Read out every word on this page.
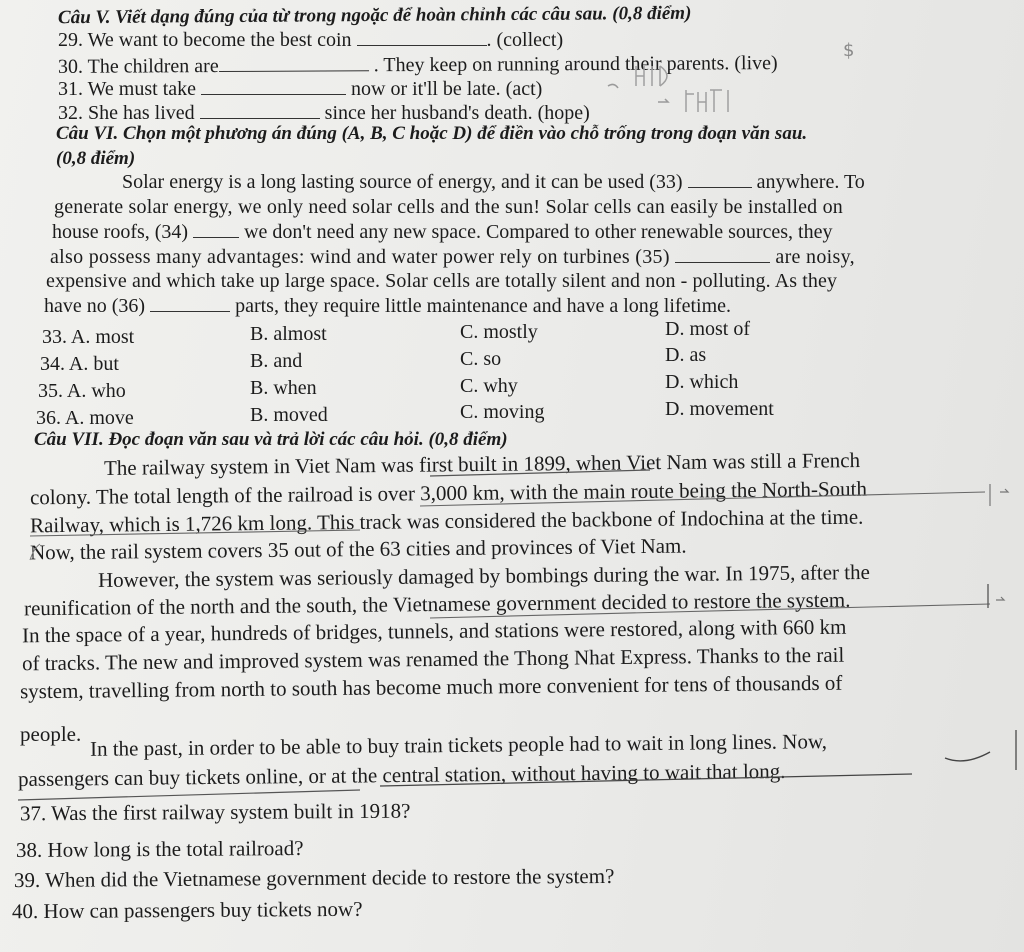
Câu V. Viết dạng đúng của từ trong ngoặc để hoàn chỉnh các câu sau. (0,8 điểm)
29. We want to become the best coin	. (collect)
30. The children are	. They keep on running around their parents. (live)
31. We must take	now or it'll be late. (act)
32. She has lived	since her husband's death. (hope)
$
Câu VI. Chọn một phương án đúng (A, B, C hoặc D) để điền vào chỗ trống trong đoạn văn sau.
(0,8 điểm)
Solar energy is a long lasting source of energy, and it can be used (33)	anywhere. To
generate solar energy, we only need solar cells and the sun! Solar cells can easily be installed on
house roofs, (34)	we don't need any new space. Compared to other renewable sources, they
also possess many advantages: wind and water power rely on turbines (35)	are noisy,
expensive and which take up large space. Solar cells are totally silent and non - polluting. As they
have no (36)	parts, they require little maintenance and have a long lifetime.
33. A. most	B. almost	C. mostly	D. most of
34. A. but	B. and	C. so	D. as
35. A. who	B. when	C. why	D. which
36. A. move	B. moved	C. moving	D. movement
Câu VII. Đọc đoạn văn sau và trả lời các câu hỏi. (0,8 điểm)
The railway system in Viet Nam was first built in 1899, when Viet Nam was still a French
colony. The total length of the railroad is over 3,000 km, with the main route being the North-South
Railway, which is 1,726 km long. This track was considered the backbone of Indochina at the time.
Now, the rail system covers 35 out of the 63 cities and provinces of Viet Nam.
However, the system was seriously damaged by bombings during the war. In 1975, after the
reunification of the north and the south, the Vietnamese government decided to restore the system.
In the space of a year, hundreds of bridges, tunnels, and stations were restored, along with 660 km
of tracks. The new and improved system was renamed the Thong Nhat Express. Thanks to the rail
system, travelling from north to south has become much more convenient for tens of thousands of
people. In the past, in order to be able to buy train tickets people had to wait in long lines. Now,
passengers can buy tickets online, or at the central station, without having to wait that long.
37. Was the first railway system built in 1918?
38. How long is the total railroad?
39. When did the Vietnamese government decide to restore the system?
40. How can passengers buy tickets now?
